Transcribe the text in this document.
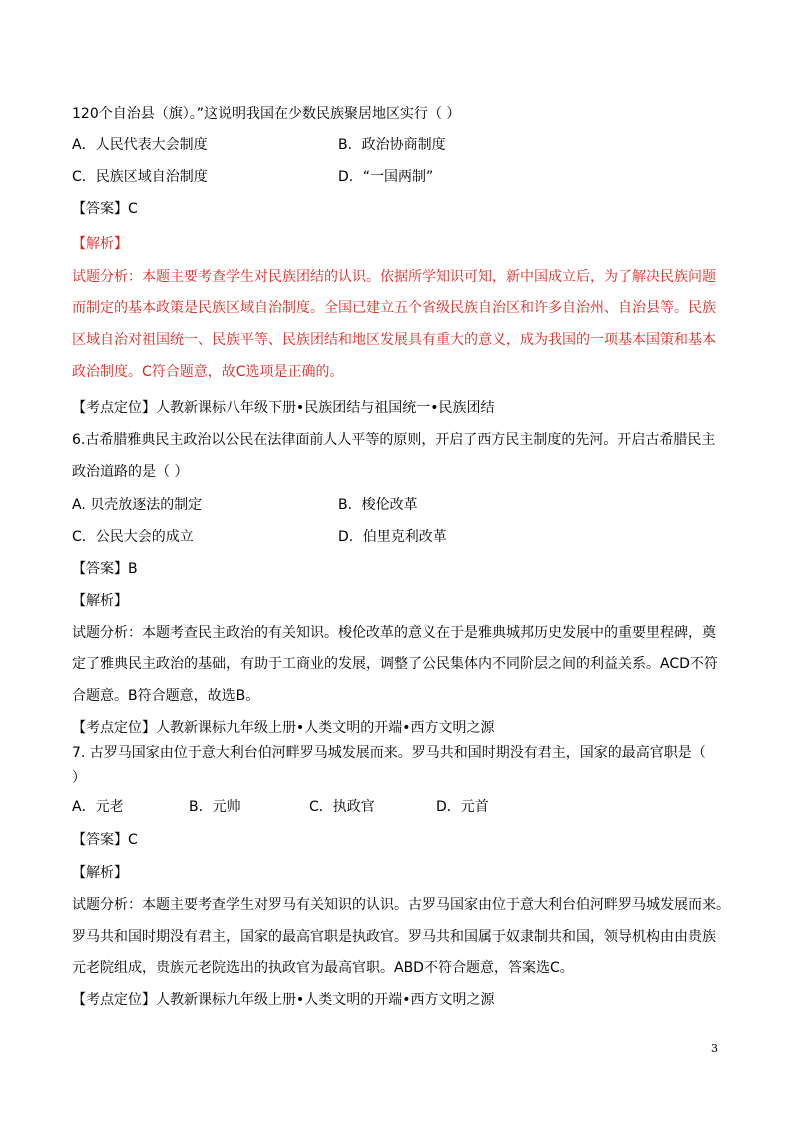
120个自治县（旗）。”这说明我国在少数民族聚居地区实行（ ）
A．人民代表大会制度	B．政治协商制度
C．民族区域自治制度	D．“一国两制”
【答案】C
【解析】
试题分析：本题主要考查学生对民族团结的认识。依据所学知识可知，新中国成立后，为了解决民族问题
而制定的基本政策是民族区域自治制度。全国已建立五个省级民族自治区和许多自治州、自治县等。民族
区域自治对祖国统一、民族平等、民族团结和地区发展具有重大的意义，成为我国的一项基本国策和基本
政治制度。C符合题意，故C选项是正确的。
【考点定位】人教新课标八年级下册•民族团结与祖国统一•民族团结
6.古希腊雅典民主政治以公民在法律面前人人平等的原则，开启了西方民主制度的先河。开启古希腊民主
政治道路的是（ ）
A. 贝壳放逐法的制定	B．梭伦改革
C．公民大会的成立	D．伯里克利改革
【答案】B
【解析】
试题分析：本题考查民主政治的有关知识。梭伦改革的意义在于是雅典城邦历史发展中的重要里程碑，奠
定了雅典民主政治的基础，有助于工商业的发展，调整了公民集体内不同阶层之间的利益关系。ACD不符
合题意。B符合题意，故选B。
【考点定位】人教新课标九年级上册•人类文明的开端•西方文明之源
7. 古罗马国家由位于意大利台伯河畔罗马城发展而来。罗马共和国时期没有君主，国家的最高官职是（
）
A．元老	B．元帅	C．执政官	D．元首
【答案】C
【解析】
试题分析：本题主要考查学生对罗马有关知识的认识。古罗马国家由位于意大利台伯河畔罗马城发展而来。
罗马共和国时期没有君主，国家的最高官职是执政官。罗马共和国属于奴隶制共和国，领导机构由由贵族
元老院组成，贵族元老院选出的执政官为最高官职。ABD不符合题意，答案选C。
【考点定位】人教新课标九年级上册•人类文明的开端•西方文明之源
3
